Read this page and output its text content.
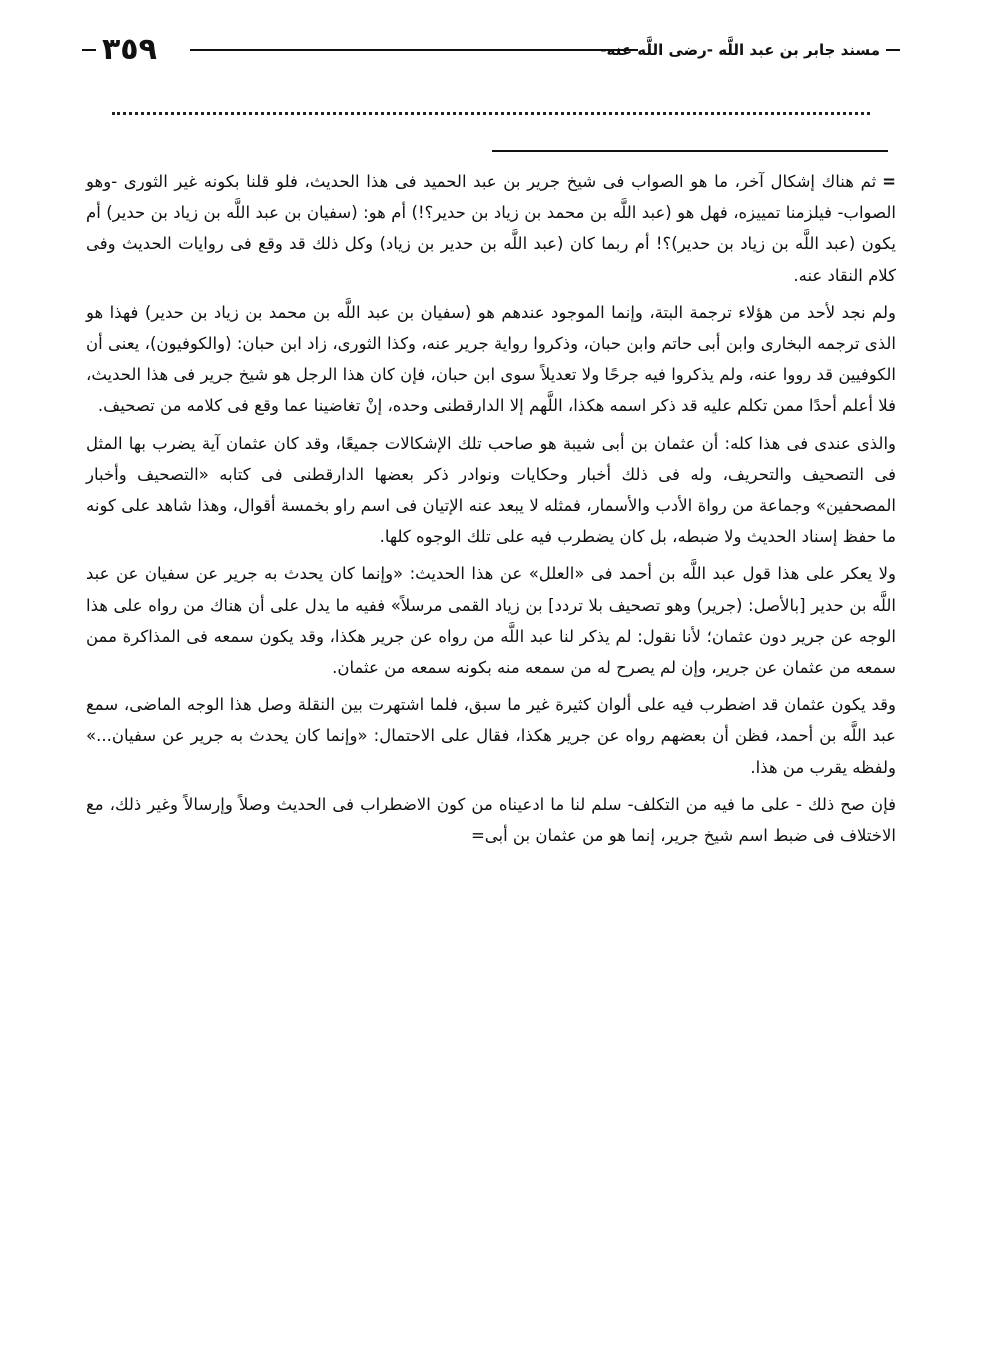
٣٥٩	مسند جابر بن عبد اللَّه -رضى اللَّه عنه-

=ثم هناك إشكال آخر، ما هو الصواب فى شيخ جرير بن عبد الحميد فى هذا الحديث، فلو قلنا بكونه غير الثورى -وهو الصواب- فيلزمنا تمييزه، فهل هو (عبد اللَّه بن محمد بن زياد بن حدير؟!) أم هو: (سفيان بن عبد اللَّه بن زياد بن حدير) أم يكون (عبد اللَّه بن زياد بن حدير)؟! أم ربما كان (عبد اللَّه بن حدير بن زياد) وكل ذلك قد وقع فى روايات الحديث وفى كلام النقاد عنه.

ولم نجد لأحد من هؤلاء ترجمة البتة، وإنما الموجود عندهم هو (سفيان بن عبد اللَّه بن محمد بن زياد بن حدير) فهذا هو الذى ترجمه البخارى وابن أبى حاتم وابن حبان، وذكروا رواية جرير عنه، وكذا الثورى، زاد ابن حبان: (والكوفيون)، يعنى أن الكوفيين قد رووا عنه، ولم يذكروا فيه جرحًا ولا تعديلاً سوى ابن حبان، فإن كان هذا الرجل هو شيخ جرير فى هذا الحديث، فلا أعلم أحدًا ممن تكلم عليه قد ذكر اسمه هكذا، اللَّهم إلا الدارقطنى وحده، إنْ تغاضينا عما وقع فى كلامه من تصحيف.

والذى عندى فى هذا كله: أن عثمان بن أبى شيبة هو صاحب تلك الإشكالات جميعًا، وقد كان عثمان آية يضرب بها المثل فى التصحيف والتحريف، وله فى ذلك أخبار وحكايات ونوادر ذكر بعضها الدارقطنى فى كتابه «التصحيف وأخبار المصحفين» وجماعة من رواة الأدب والأسمار، فمثله لا يبعد عنه الإتيان فى اسم راو بخمسة أقوال، وهذا شاهد على كونه ما حفظ إسناد الحديث ولا ضبطه، بل كان يضطرب فيه على تلك الوجوه كلها.

ولا يعكر على هذا قول عبد اللَّه بن أحمد فى «العلل» عن هذا الحديث: «وإنما كان يحدث به جرير عن سفيان عن عبد اللَّه بن حدير [بالأصل: (جرير) وهو تصحيف بلا تردد] بن زياد القمى مرسلاً» ففيه ما يدل على أن هناك من رواه على هذا الوجه عن جرير دون عثمان؛ لأنا نقول: لم يذكر لنا عبد اللَّه من رواه عن جرير هكذا، وقد يكون سمعه فى المذاكرة ممن سمعه من عثمان عن جرير، وإن لم يصرح له من سمعه منه بكونه سمعه من عثمان.

وقد يكون عثمان قد اضطرب فيه على ألوان كثيرة غير ما سبق، فلما اشتهرت بين النقلة وصل هذا الوجه الماضى، سمع عبد اللَّه بن أحمد، فظن أن بعضهم رواه عن جرير هكذا، فقال على الاحتمال: «وإنما كان يحدث به جرير عن سفيان...» ولفظه يقرب من هذا.

فإن صح ذلك - على ما فيه من التكلف- سلم لنا ما ادعيناه من كون الاضطراب فى الحديث وصلاً وإرسالاً وغير ذلك، مع الاختلاف فى ضبط اسم شيخ جرير، إنما هو من عثمان بن أبى=
